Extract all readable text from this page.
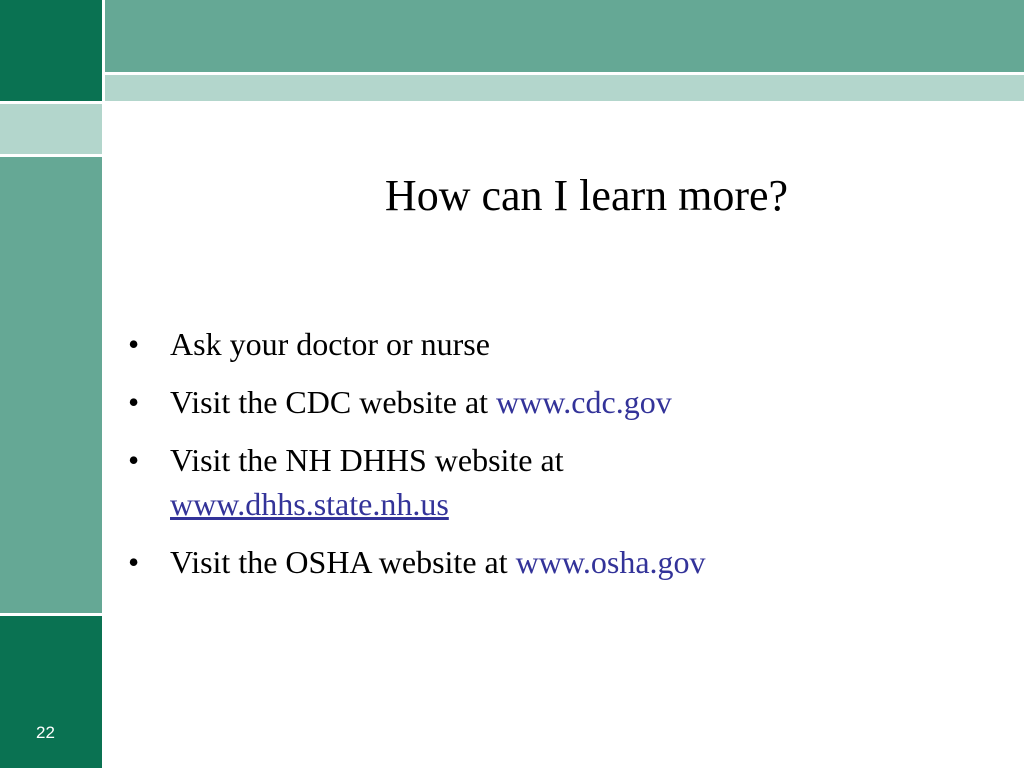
22
How can I learn more?
• Ask your doctor or nurse
• Visit the CDC website at www.cdc.gov
• Visit the NH DHHS website at
www.dhhs.state.nh.us
• Visit the OSHA website at www.osha.gov
